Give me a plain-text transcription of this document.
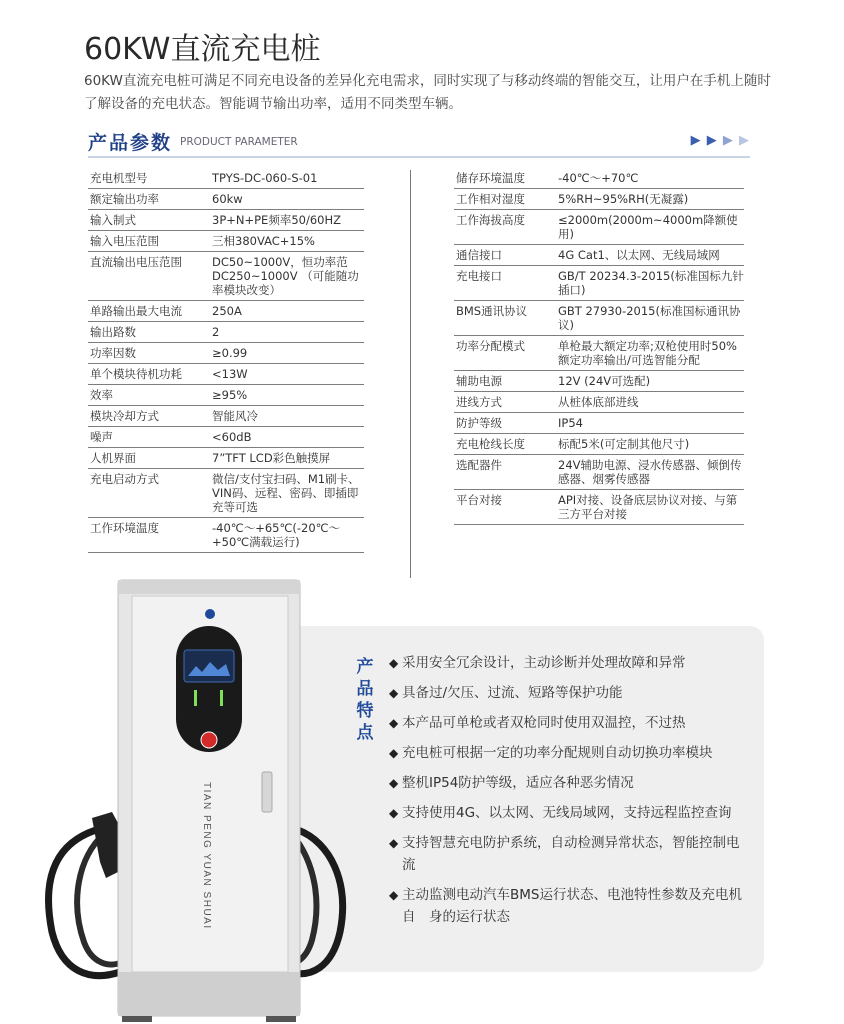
60KW直流充电桩
60KW直流充电桩可满足不同充电设备的差异化充电需求，同时实现了与移动终端的智能交互，让用户在手机上随时了解设备的充电状态。智能调节输出功率，适用不同类型车辆。
产品参数 PRODUCT PARAMETER	▶ ▶ ▶ ▶
充电机型号	TPYS-DC-060-S-01
额定输出功率	60kw
输入制式	3P+N+PE频率50/60HZ
输入电压范围	三相380VAC+15%
直流输出电压范围	DC50~1000V，恒功率范DC250~1000V （可能随功率模块改变）
单路输出最大电流	250A
输出路数	2
功率因数	≥0.99
单个模块待机功耗	<13W
效率	≥95%
模块冷却方式	智能风冷
噪声	<60dB
人机界面	7”TFT LCD彩色触摸屏
充电启动方式	微信/支付宝扫码、M1刷卡、VIN码、远程、密码、即插即充等可选
工作环境温度	-40℃～+65℃(-20℃～+50℃满载运行)
储存环境温度	-40℃～+70℃
工作相对湿度	5%RH~95%RH(无凝露)
工作海拔高度	≤2000m(2000m~4000m降额使用)
通信接口	4G Cat1、以太网、无线局域网
充电接口	GB/T 20234.3-2015(标准国标九针插口)
BMS通讯协议	GBT 27930-2015(标准国标通讯协议)
功率分配模式	单枪最大额定功率;双枪使用时50%额定功率输出/可选智能分配
辅助电源	12V (24V可选配)
进线方式	从桩体底部进线
防护等级	IP54
充电枪线长度	标配5米(可定制其他尺寸)
选配器件	24V辅助电源、浸水传感器、倾倒传感器、烟雾传感器
平台对接	API对接、设备底层协议对接、与第三方平台对接
产
品
特
点
◆ 采用安全冗余设计，主动诊断并处理故障和异常
◆ 具备过/欠压、过流、短路等保护功能
◆ 本产品可单枪或者双枪同时使用双温控，不过热
◆ 充电桩可根据一定的功率分配规则自动切换功率模块
◆ 整机IP54防护等级，适应各种恶劣情况
◆ 支持使用4G、以太网、无线局域网，支持远程监控查询
◆ 支持智慧充电防护系统，自动检测异常状态，智能控制电流
◆ 主动监测电动汽车BMS运行状态、电池特性参数及充电机自　身的运行状态
TIAN PENG YUAN SHUAI
